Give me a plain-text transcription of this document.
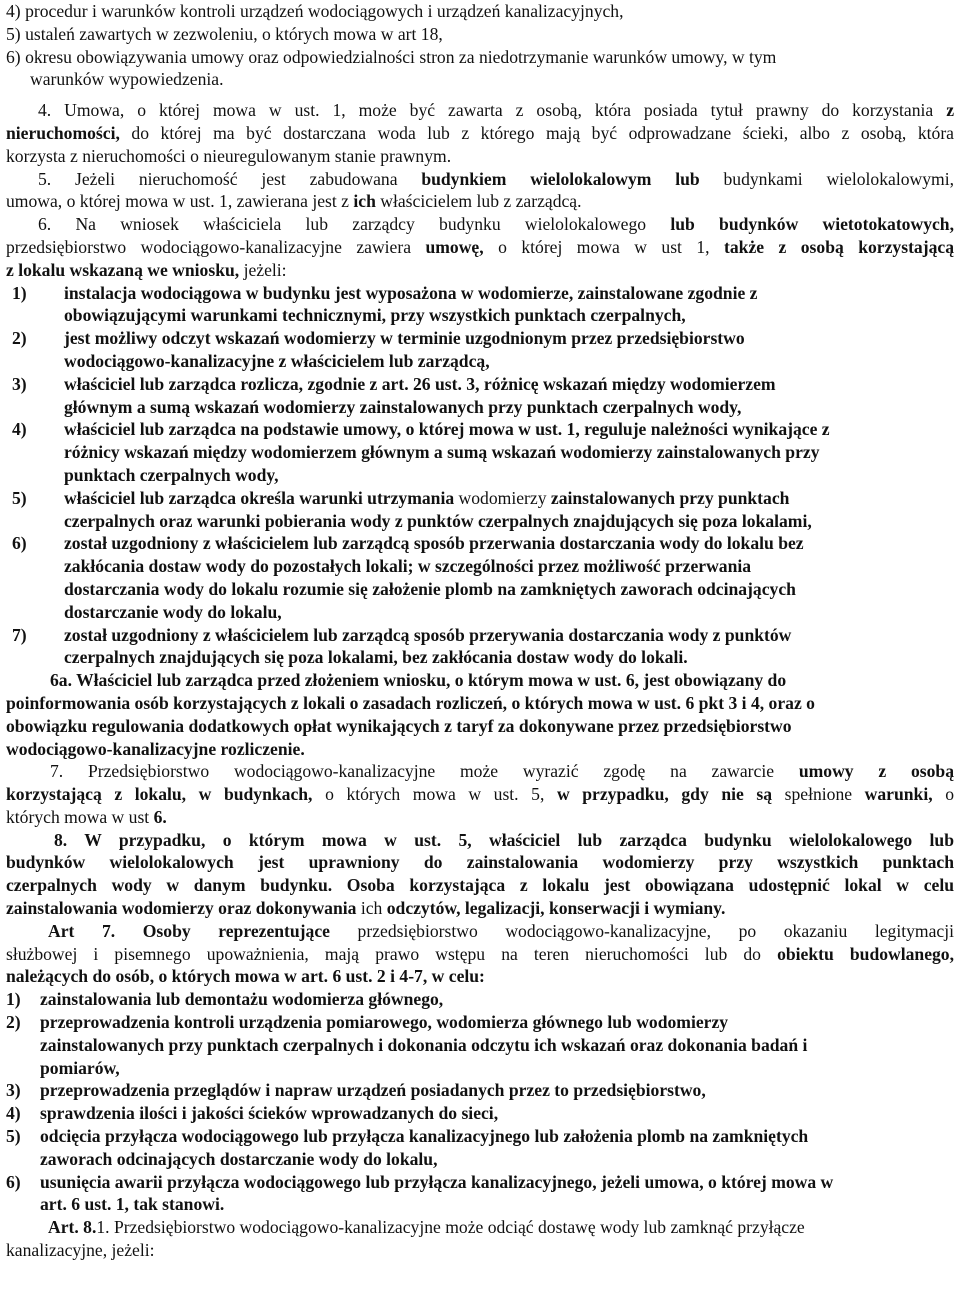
4) procedur i warunków kontroli urządzeń wodociągowych i urządzeń kanalizacyjnych,
5) ustaleń zawartych w zezwoleniu, o których mowa w art 18,
6) okresu obowiązywania umowy oraz odpowiedzialności stron za niedotrzymanie warunków umowy, w tym
warunków wypowiedzenia.
4. Umowa, o której mowa w ust. 1, może być zawarta z osobą, która posiada tytuł prawny do korzystania z
nieruchomości, do której ma być dostarczana woda lub z którego mają być odprowadzane ścieki, albo z osobą, która
korzysta z nieruchomości o nieuregulowanym stanie prawnym.
5. Jeżeli nieruchomość jest zabudowana budynkiem wielolokalowym lub budynkami wielolokalowymi,
umowa, o której mowa w ust. 1, zawierana jest z ich właścicielem lub z zarządcą.
6. Na wniosek właściciela lub zarządcy budynku wielolokalowego lub budynków wietotokatowych,
przedsiębiorstwo wodociągowo-kanalizacyjne zawiera umowę, o której mowa w ust 1, także z osobą korzystającą
z lokalu wskazaną we wniosku, jeżeli:
1) instalacja wodociągowa w budynku jest wyposażona w wodomierze, zainstalowane zgodnie z
obowiązującymi warunkami technicznymi, przy wszystkich punktach czerpalnych,
2) jest możliwy odczyt wskazań wodomierzy w terminie uzgodnionym przez przedsiębiorstwo
wodociągowo-kanalizacyjne z właścicielem lub zarządcą,
3) właściciel lub zarządca rozlicza, zgodnie z art. 26 ust. 3, różnicę wskazań między wodomierzem
głównym a sumą wskazań wodomierzy zainstalowanych przy punktach czerpalnych wody,
4) właściciel lub zarządca na podstawie umowy, o której mowa w ust. 1, reguluje należności wynikające z
różnicy wskazań między wodomierzem głównym a sumą wskazań wodomierzy zainstalowanych przy
punktach czerpalnych wody,
5) właściciel lub zarządca określa warunki utrzymania wodomierzy zainstalowanych przy punktach
czerpalnych oraz warunki pobierania wody z punktów czerpalnych znajdujących się poza lokalami,
6) został uzgodniony z właścicielem lub zarządcą sposób przerwania dostarczania wody do lokalu bez
zakłócania dostaw wody do pozostałych lokali; w szczególności przez możliwość przerwania
dostarczania wody do lokalu rozumie się założenie plomb na zamkniętych zaworach odcinających
dostarczanie wody do lokalu,
7) został uzgodniony z właścicielem lub zarządcą sposób przerywania dostarczania wody z punktów
czerpalnych znajdujących się poza lokalami, bez zakłócania dostaw wody do lokali.
6a. Właściciel lub zarządca przed złożeniem wniosku, o którym mowa w ust. 6, jest obowiązany do
poinformowania osób korzystających z lokali o zasadach rozliczeń, o których mowa w ust. 6 pkt 3 i 4, oraz o
obowiązku regulowania dodatkowych opłat wynikających z taryf za dokonywane przez przedsiębiorstwo
wodociągowo-kanalizacyjne rozliczenie.
7. Przedsiębiorstwo wodociągowo-kanalizacyjne może wyrazić zgodę na zawarcie umowy z osobą
korzystającą z lokalu, w budynkach, o których mowa w ust. 5, w przypadku, gdy nie są spełnione warunki, o
których mowa w ust 6.
8. W przypadku, o którym mowa w ust. 5, właściciel lub zarządca budynku wielolokalowego lub
budynków wielolokalowych jest uprawniony do zainstalowania wodomierzy przy wszystkich punktach
czerpalnych wody w danym budynku. Osoba korzystająca z lokalu jest obowiązana udostępnić lokal w celu
zainstalowania wodomierzy oraz dokonywania ich odczytów, legalizacji, konserwacji i wymiany.
Art 7. Osoby reprezentujące przedsiębiorstwo wodociągowo-kanalizacyjne, po okazaniu legitymacji
służbowej i pisemnego upoważnienia, mają prawo wstępu na teren nieruchomości lub do obiektu budowlanego,
należących do osób, o których mowa w art. 6 ust. 2 i 4-7, w celu:
1) zainstalowania lub demontażu wodomierza głównego,
2) przeprowadzenia kontroli urządzenia pomiarowego, wodomierza głównego lub wodomierzy
zainstalowanych przy punktach czerpalnych i dokonania odczytu ich wskazań oraz dokonania badań i
pomiarów,
3) przeprowadzenia przeglądów i napraw urządzeń posiadanych przez to przedsiębiorstwo,
4) sprawdzenia ilości i jakości ścieków wprowadzanych do sieci,
5) odcięcia przyłącza wodociągowego lub przyłącza kanalizacyjnego lub założenia plomb na zamkniętych
zaworach odcinających dostarczanie wody do lokalu,
6) usunięcia awarii przyłącza wodociągowego lub przyłącza kanalizacyjnego, jeżeli umowa, o której mowa w
art. 6 ust. 1, tak stanowi.
Art. 8.1. Przedsiębiorstwo wodociągowo-kanalizacyjne może odciąć dostawę wody lub zamknąć przyłącze
kanalizacyjne, jeżeli:
